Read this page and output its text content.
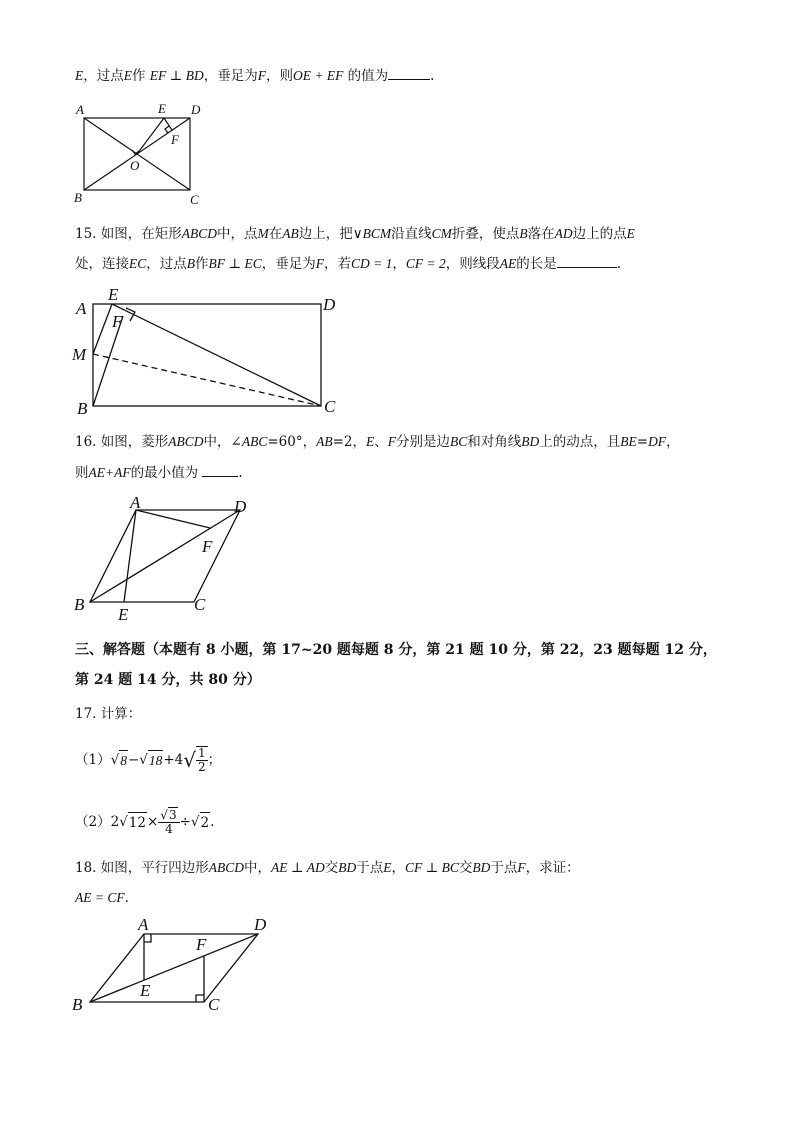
E，过点E作 EF ⊥ BD，垂足为F，则OE + EF 的值为	.
A	E D
F
O
B	C
15. 如图，在矩形ABCD中，点M在AB边上，把∨BCM沿直线CM折叠，使点B落在AD边上的点E
处，连接EC，过点B作BF ⊥ EC，垂足为F，若CD = 1，CF = 2，则线段AE的长是	.
A
E
D
F
M
B	C
16. 如图，菱形ABCD中，∠ABC=60°，AB=2，E、F分别是边BC和对角线BD上的动点，且BE=DF，
则AE+AF的最小值为	.
A	D
F
B
E
C
三、解答题（本题有 8 小题，第 17~20 题每题 8 分，第 21 题 10 分，第 22，23 题每题 12 分，
第 24 题 14 分，共 80 分）
17. 计算：
（1） √ 8 − √ 18 +4 √ $\frac{1}{2}$ ；
（2） 2 √ $12 \times \frac{√3}{4}$ ÷ √ 2 .
18. 如图，平行四边形ABCD中，AE ⊥ AD交BD于点E，CF ⊥ BC交BD于点F，求证：
AE = CF.
A	D
F
E
B	C
